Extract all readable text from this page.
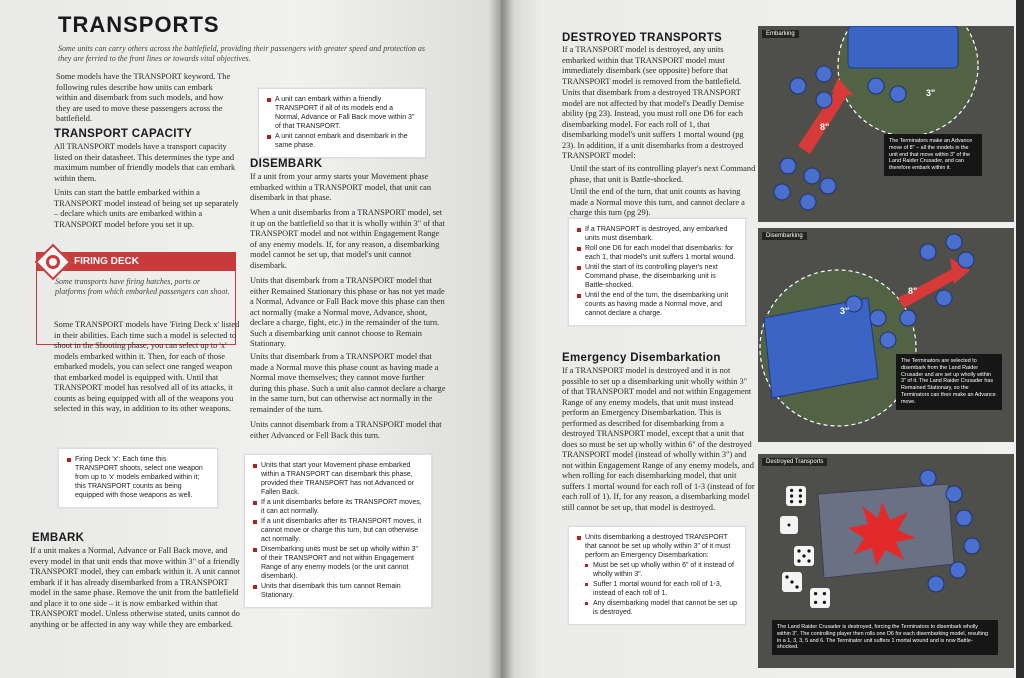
TRANSPORTS
Some units can carry others across the battlefield, providing their passengers with greater speed and protection as they are ferried to the front lines or towards vital objectives.
Some models have the TRANSPORT keyword. The following rules describe how units can embark within and disembark from such models, and how they are used to move these passengers across the battlefield.
A unit can embark within a friendly TRANSPORT if all of its models end a Normal, Advance or Fall Back move within 3" of that TRANSPORT.
A unit cannot embark and disembark in the same phase.
TRANSPORT CAPACITY
All TRANSPORT models have a transport capacity listed on their datasheet. This determines the type and maximum number of friendly models that can embark within them.
Units can start the battle embarked within a TRANSPORT model instead of being set up separately – declare which units are embarked within a TRANSPORT model before you set it up.
FIRING DECK
Some transports have firing hatches, ports or platforms from which embarked passengers can shoot.
Some TRANSPORT models have 'Firing Deck x' listed in their abilities. Each time such a model is selected to shoot in the Shooting phase, you can select up to 'x' models embarked within it. Then, for each of those embarked models, you can select one ranged weapon that embarked model is equipped with. Until that TRANSPORT model has resolved all of its attacks, it counts as being equipped with all of the weapons you selected in this way, in addition to its other weapons.
Firing Deck 'x': Each time this TRANSPORT shoots, select one weapon from up to 'x' models embarked within it; this TRANSPORT counts as being equipped with those weapons as well.
EMBARK
If a unit makes a Normal, Advance or Fall Back move, and every model in that unit ends that move within 3" of a friendly TRANSPORT model, they can embark within it. A unit cannot embark if it has already disembarked from a TRANSPORT model in the same phase. Remove the unit from the battlefield and place it to one side – it is now embarked within that TRANSPORT model. Unless otherwise stated, units cannot do anything or be affected in any way while they are embarked.
DISEMBARK
If a unit from your army starts your Movement phase embarked within a TRANSPORT model, that unit can disembark in that phase.
When a unit disembarks from a TRANSPORT model, set it up on the battlefield so that it is wholly within 3" of that TRANSPORT model and not within Engagement Range of any enemy models. If, for any reason, a disembarking model cannot be set up, that model's unit cannot disembark.
Units that disembark from a TRANSPORT model that either Remained Stationary this phase or has not yet made a Normal, Advance or Fall Back move this phase can then act normally (make a Normal move, Advance, shoot, declare a charge, fight, etc.) in the remainder of the turn. Such a disembarking unit cannot choose to Remain Stationary.
Units that disembark from a TRANSPORT model that made a Normal move this phase count as having made a Normal move themselves; they cannot move further during this phase. Such a unit also cannot declare a charge in the same turn, but can otherwise act normally in the remainder of the turn.
Units cannot disembark from a TRANSPORT model that either Advanced or Fell Back this turn.
Units that start your Movement phase embarked within a TRANSPORT can disembark this phase, provided their TRANSPORT has not Advanced or Fallen Back.
If a unit disembarks before its TRANSPORT moves, it can act normally.
If a unit disembarks after its TRANSPORT moves, it cannot move or charge this turn, but can otherwise act normally.
Disembarking units must be set up wholly within 3" of their TRANSPORT and not within Engagement Range of any enemy models (or the unit cannot disembark).
Units that disembark this turn cannot Remain Stationary.
DESTROYED TRANSPORTS
If a TRANSPORT model is destroyed, any units embarked within that TRANSPORT model must immediately disembark (see opposite) before that TRANSPORT model is removed from the battlefield.
Units that disembark from a destroyed TRANSPORT model are not affected by that model's Deadly Demise ability (pg 23). Instead, you must roll one D6 for each disembarking model. For each roll of 1, that disembarking model's unit suffers 1 mortal wound (pg 23). In addition, if a unit disembarks from a destroyed TRANSPORT model:
Until the start of its controlling player's next Command phase, that unit is Battle-shocked.
Until the end of the turn, that unit counts as having made a Normal move this turn, and cannot declare a charge this turn (pg 29).
If a TRANSPORT is destroyed, any embarked units must disembark.
Roll one D6 for each model that disembarks: for each 1, that model's unit suffers 1 mortal wound.
Until the start of its controlling player's next Command phase, the disembarking unit is Battle-shocked.
Until the end of the turn, the disembarking unit counts as having made a Normal move, and cannot declare a charge.
Emergency Disembarkation
If a TRANSPORT model is destroyed and it is not possible to set up a disembarking unit wholly within 3" of that TRANSPORT model and not within Engagement Range of any enemy models, that unit must instead perform an Emergency Disembarkation. This is performed as described for disembarking from a destroyed TRANSPORT model, except that a unit that does so must be set up wholly within 6" of the destroyed TRANSPORT model (instead of wholly within 3") and not within Engagement Range of any enemy models, and when rolling for each disembarking model, that unit suffers 1 mortal wound for each roll of 1-3 (instead of for each roll of 1). If, for any reason, a disembarking model still cannot be set up, that model is destroyed.
Units disembarking a destroyed TRANSPORT that cannot be set up wholly within 3" of it must perform an Emergency Disembarkation:
Must be set up wholly within 6" of it instead of wholly within 3".
Suffer 1 mortal wound for each roll of 1-3, instead of each roll of 1.
Any disembarking model that cannot be set up is destroyed.
8"
3"
Embarking
The Terminators make an Advance move of 8" – all the models in the unit end that move within 3" of the Land Raider Crusader, and can therefore embark within it.
3"
8"
Disembarking
The Terminators are selected to disembark from the Land Raider Crusader and are set up wholly within 3" of it. The Land Raider Crusader has Remained Stationary, so the Terminators can then make an Advance move.
Destroyed Transports
The Land Raider Crusader is destroyed, forcing the Terminators to disembark wholly within 3". The controlling player then rolls one D6 for each disembarking model, resulting in a 1, 3, 3, 5 and 6. The Terminator unit suffers 1 mortal wound and is now Battle-shocked.
